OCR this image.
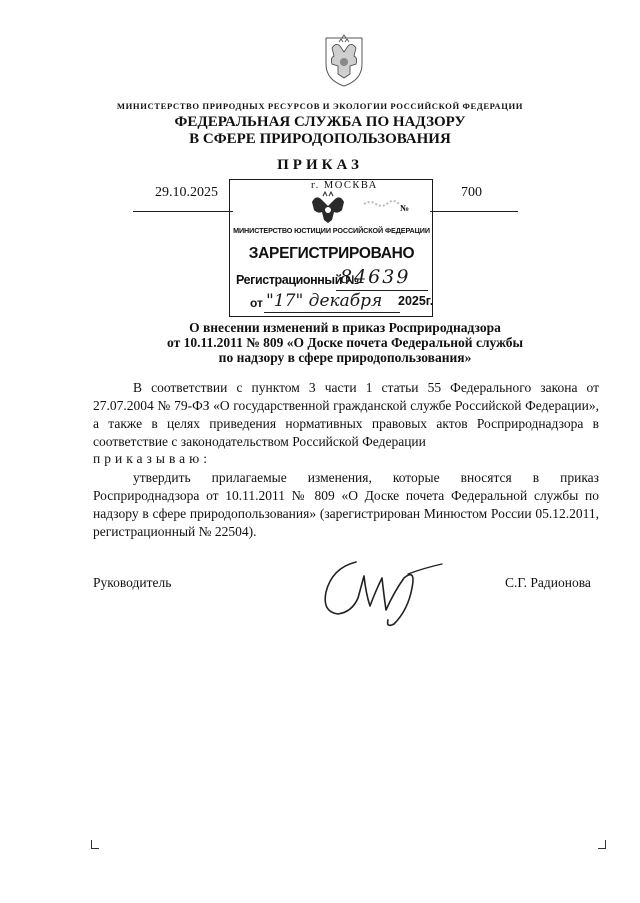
МИНИСТЕРСТВО ПРИРОДНЫХ РЕСУРСОВ И ЭКОЛОГИИ РОССИЙСКОЙ ФЕДЕРАЦИИ
ФЕДЕРАЛЬНАЯ СЛУЖБА ПО НАДЗОРУ
В СФЕРЕ ПРИРОДОПОЛЬЗОВАНИЯ
ПРИКАЗ
29.10.2025	700
г. МОСКВА
№
МИНИСТЕРСТВО ЮСТИЦИИ РОССИЙСКОЙ ФЕДЕРАЦИИ
ЗАРЕГИСТРИРОВАНО
Регистрационный №
84639
от "17" декабря 2025г.
О внесении изменений в приказ Росприроднадзора
от 10.11.2011 № 809 «О Доске почета Федеральной службы
по надзору в сфере природопользования»
В соответствии с пунктом 3 части 1 статьи 55 Федерального закона от 27.07.2004 № 79-ФЗ «О государственной гражданской службе Российской Федерации», а также в целях приведения нормативных правовых актов Росприроднадзора в соответствие с законодательством Российской Федерации
приказываю:
утвердить прилагаемые изменения, которые вносятся в приказ Росприроднадзора от 10.11.2011 № 809 «О Доске почета Федеральной службы по надзору в сфере природопользования» (зарегистрирован Минюстом России 05.12.2011, регистрационный № 22504).
Руководитель	С.Г. Радионова
